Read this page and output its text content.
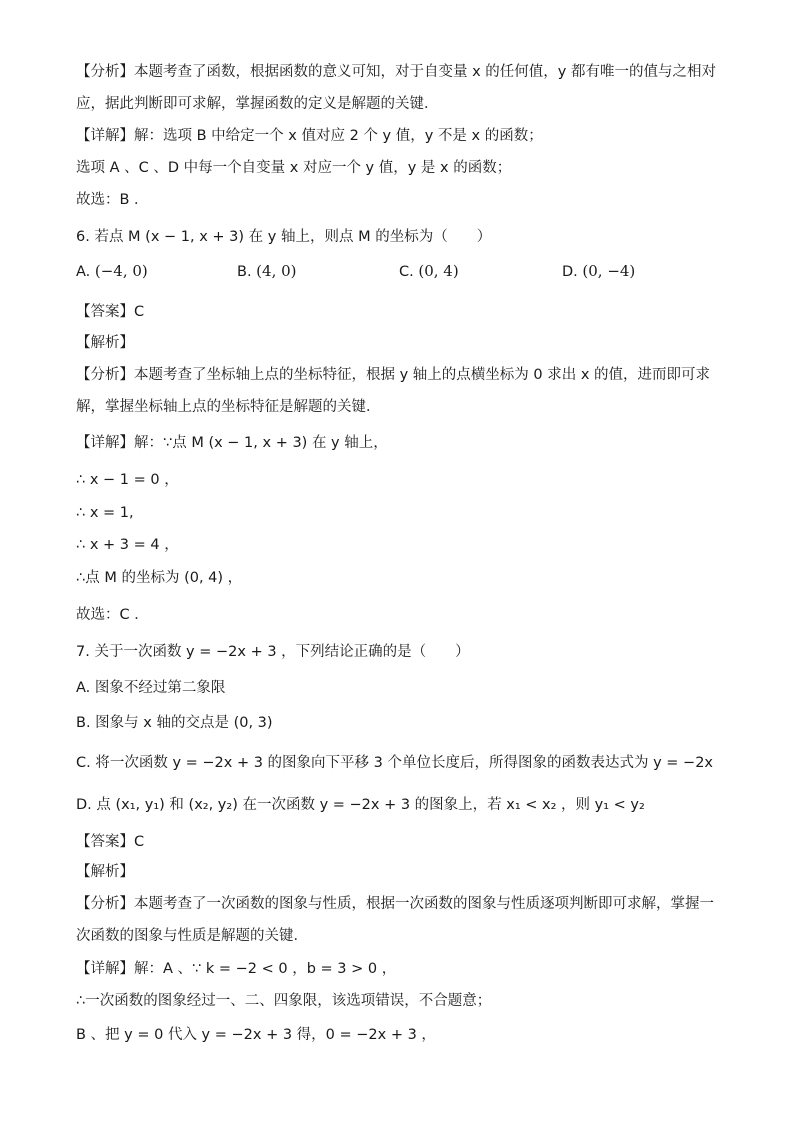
【分析】本题考查了函数，根据函数的意义可知，对于自变量 x 的任何值，y 都有唯一的值与之相对应，据此判断即可求解，掌握函数的定义是解题的关键．
【详解】解：选项 B 中给定一个 x 值对应 2 个 y 值，y 不是 x 的函数；
选项 A 、C 、D 中每一个自变量 x 对应一个 y 值，y 是 x 的函数；
故选：B ．
6. 若点 M (x − 1, x + 3) 在 y 轴上，则点 M 的坐标为（　　）
A. (−4, 0)	B. (4, 0)	C. (0, 4)	D. (0, −4)
【答案】C
【解析】
【分析】本题考查了坐标轴上点的坐标特征，根据 y 轴上的点横坐标为 0 求出 x 的值，进而即可求解，掌握坐标轴上点的坐标特征是解题的关键．
【详解】解：∵点 M (x − 1, x + 3) 在 y 轴上，
∴ x − 1 = 0 ，
∴ x = 1,
∴ x + 3 = 4 ，
∴点 M 的坐标为 (0, 4) ，
故选：C ．
7. 关于一次函数 y = −2x + 3 ，下列结论正确的是（　　）
A. 图象不经过第二象限
B. 图象与 x 轴的交点是 (0, 3)
C. 将一次函数 y = −2x + 3 的图象向下平移 3 个单位长度后，所得图象的函数表达式为 y = −2x
D. 点 (x₁, y₁) 和 (x₂, y₂) 在一次函数 y = −2x + 3 的图象上，若 x₁ < x₂ ，则 y₁ < y₂
【答案】C
【解析】
【分析】本题考查了一次函数的图象与性质，根据一次函数的图象与性质逐项判断即可求解，掌握一次函数的图象与性质是解题的关键．
【详解】解：A 、∵ k = −2 < 0 ，b = 3 > 0 ，
∴一次函数的图象经过一、二、四象限，该选项错误，不合题意；
B 、把 y = 0 代入 y = −2x + 3 得，0 = −2x + 3 ，
